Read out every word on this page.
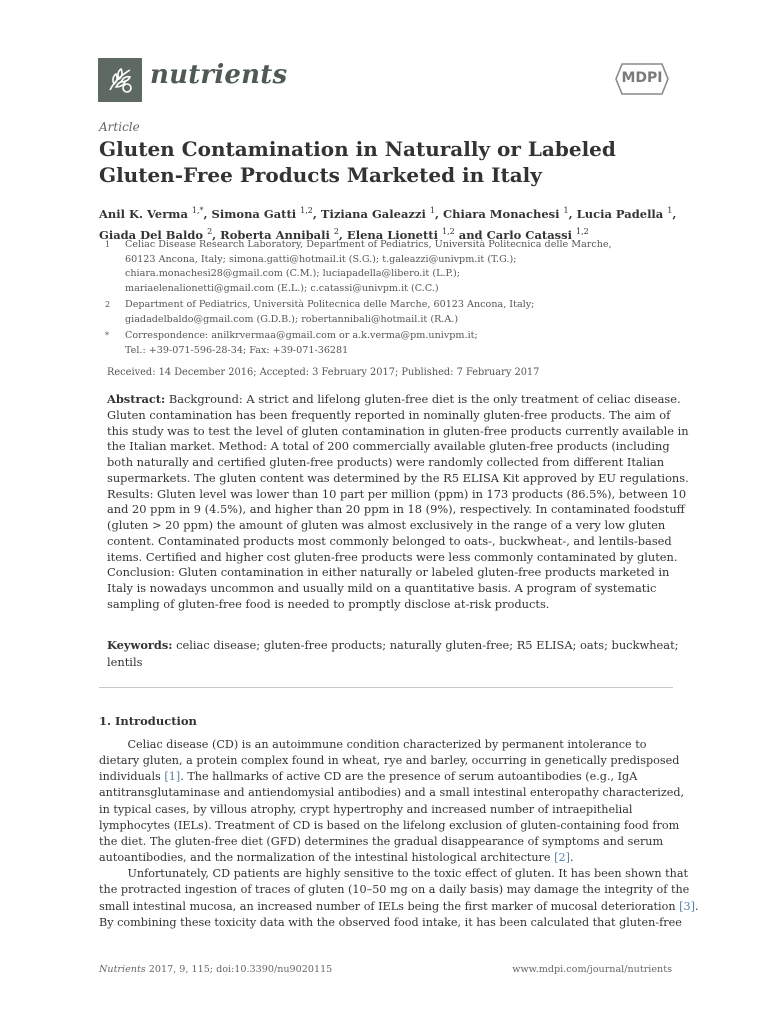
nutrients	MDPI
Article
Gluten Contamination in Naturally or Labeled
Gluten-Free Products Marketed in Italy
Anil K. Verma $^{1,*}$, Simona Gatti $^{1,2}$, Tiziana Galeazzi $^1$, Chiara Monachesi $^1$, Lucia Padella $^1$,
Giada Del Baldo $^2$, Roberta Annibali $^2$, Elena Lionetti $^{1,2}$ and Carlo Catassi $^{1,2}$
1 Celiac Disease Research Laboratory, Department of Pediatrics, Università Politecnica delle Marche,
60123 Ancona, Italy; simona.gatti@hotmail.it (S.G.); t.galeazzi@univpm.it (T.G.);
chiara.monachesi28@gmail.com (C.M.); luciapadella@libero.it (L.P.);
mariaelenalionetti@gmail.com (E.L.); c.catassi@univpm.it (C.C.)
2 Department of Pediatrics, Università Politecnica delle Marche, 60123 Ancona, Italy;
giadadelbaldo@gmail.com (G.D.B.); robertannibali@hotmail.it (R.A.)
* Correspondence: anilkrvermaa@gmail.com or a.k.verma@pm.univpm.it;
Tel.: +39-071-596-28-34; Fax: +39-071-36281
Received: 14 December 2016; Accepted: 3 February 2017; Published: 7 February 2017
Abstract: Background: A strict and lifelong gluten-free diet is the only treatment of celiac disease.
Gluten contamination has been frequently reported in nominally gluten-free products. The aim of
this study was to test the level of gluten contamination in gluten-free products currently available in
the Italian market. Method: A total of 200 commercially available gluten-free products (including
both naturally and certified gluten-free products) were randomly collected from different Italian
supermarkets. The gluten content was determined by the R5 ELISA Kit approved by EU regulations.
Results: Gluten level was lower than 10 part per million (ppm) in 173 products (86.5%), between 10
and 20 ppm in 9 (4.5%), and higher than 20 ppm in 18 (9%), respectively. In contaminated foodstuff
(gluten > 20 ppm) the amount of gluten was almost exclusively in the range of a very low gluten
content. Contaminated products most commonly belonged to oats-, buckwheat-, and lentils-based
items. Certified and higher cost gluten-free products were less commonly contaminated by gluten.
Conclusion: Gluten contamination in either naturally or labeled gluten-free products marketed in
Italy is nowadays uncommon and usually mild on a quantitative basis. A program of systematic
sampling of gluten-free food is needed to promptly disclose at-risk products.
Keywords: celiac disease; gluten-free products; naturally gluten-free; R5 ELISA; oats; buckwheat;
lentils
1. Introduction
Celiac disease (CD) is an autoimmune condition characterized by permanent intolerance to
dietary gluten, a protein complex found in wheat, rye and barley, occurring in genetically predisposed
individuals [1]. The hallmarks of active CD are the presence of serum autoantibodies (e.g., IgA
antitransglutaminase and antiendomysial antibodies) and a small intestinal enteropathy characterized,
in typical cases, by villous atrophy, crypt hypertrophy and increased number of intraepithelial
lymphocytes (IELs). Treatment of CD is based on the lifelong exclusion of gluten-containing food from
the diet. The gluten-free diet (GFD) determines the gradual disappearance of symptoms and serum
autoantibodies, and the normalization of the intestinal histological architecture [2].
Unfortunately, CD patients are highly sensitive to the toxic effect of gluten. It has been shown that
the protracted ingestion of traces of gluten (10–50 mg on a daily basis) may damage the integrity of the
small intestinal mucosa, an increased number of IELs being the first marker of mucosal deterioration [3].
By combining these toxicity data with the observed food intake, it has been calculated that gluten-free
Nutrients 2017, 9, 115; doi:10.3390/nu9020115	www.mdpi.com/journal/nutrients
